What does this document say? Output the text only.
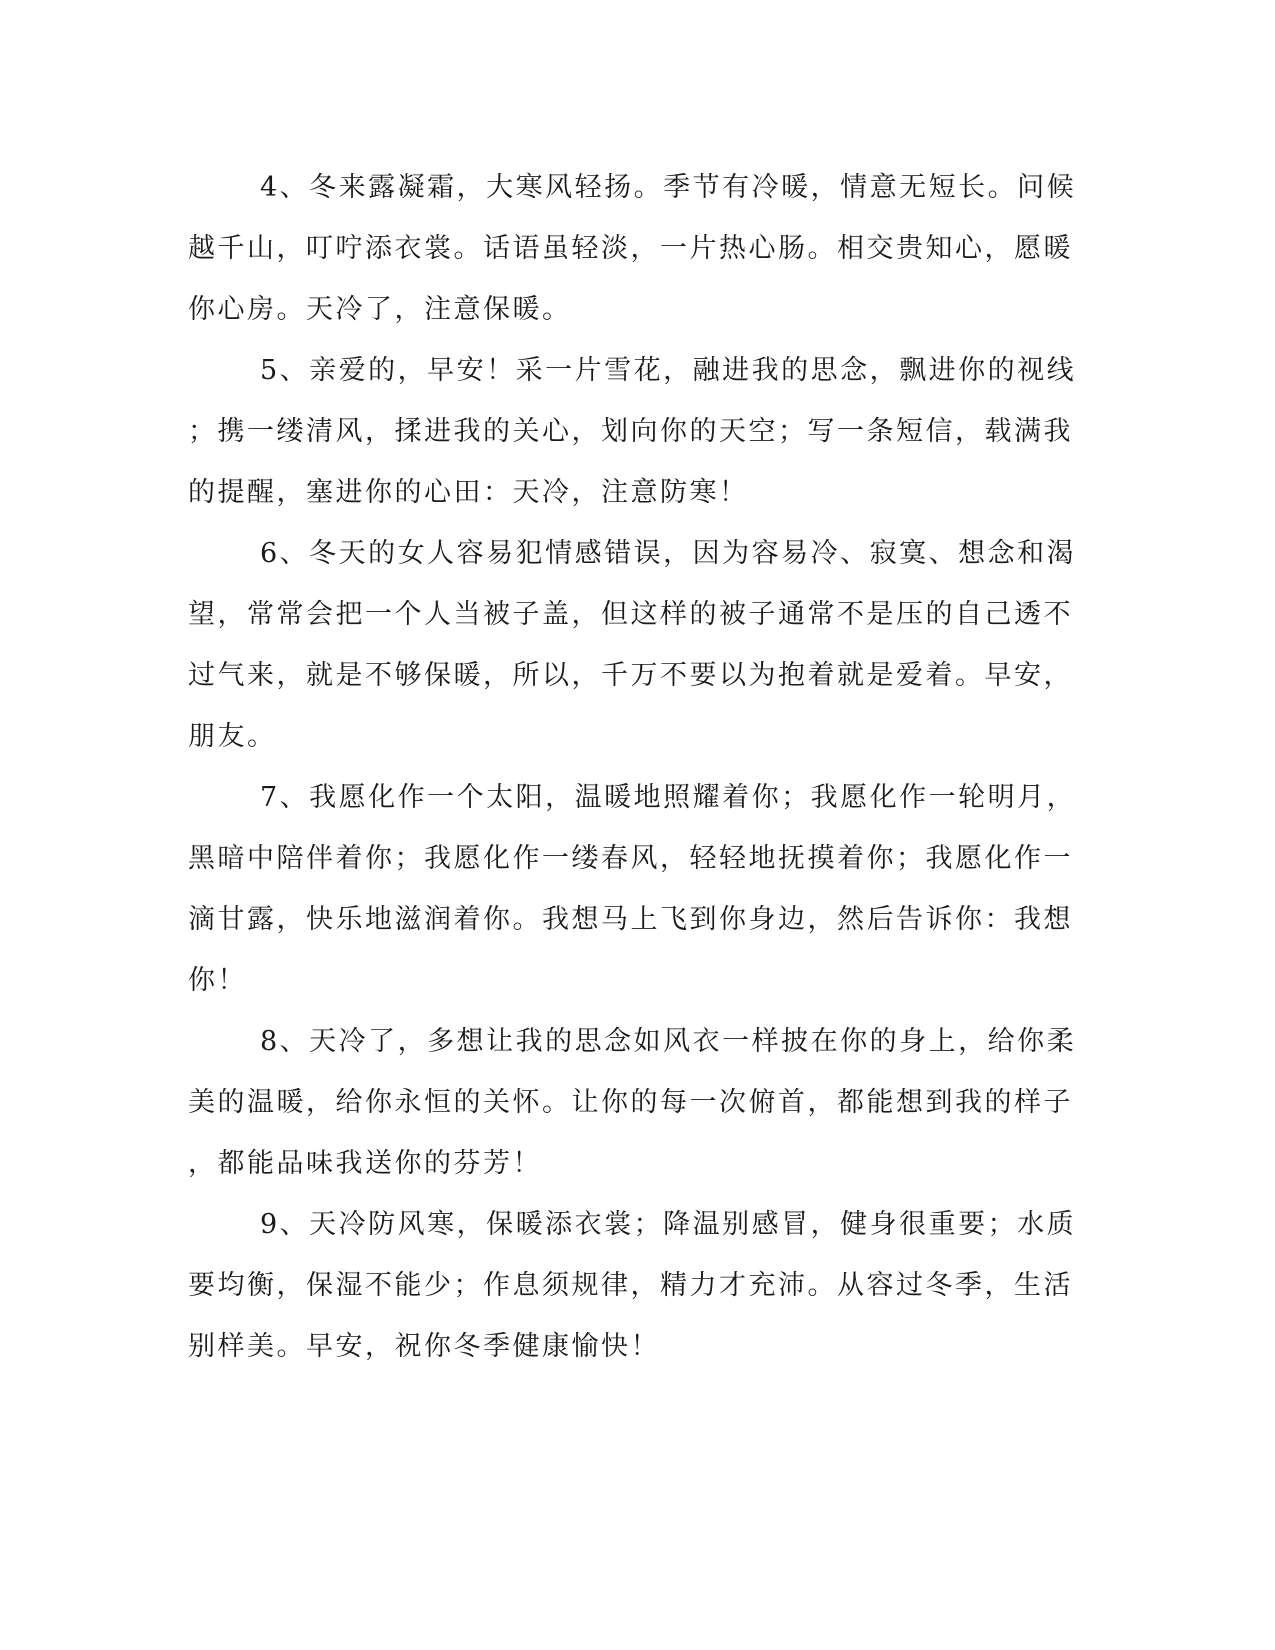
4、冬来露凝霜，大寒风轻扬。季节有冷暖，情意无短长。问候
越千山，叮咛添衣裳。话语虽轻淡，一片热心肠。相交贵知心，愿暖
你心房。天冷了，注意保暖。
5、亲爱的，早安！采一片雪花，融进我的思念，飘进你的视线
；携一缕清风，揉进我的关心，划向你的天空；写一条短信，载满我
的提醒，塞进你的心田：天冷，注意防寒！
6、冬天的女人容易犯情感错误，因为容易冷、寂寞、想念和渴
望，常常会把一个人当被子盖，但这样的被子通常不是压的自己透不
过气来，就是不够保暖，所以，千万不要以为抱着就是爱着。早安，
朋友。
7、我愿化作一个太阳，温暖地照耀着你；我愿化作一轮明月，
黑暗中陪伴着你；我愿化作一缕春风，轻轻地抚摸着你；我愿化作一
滴甘露，快乐地滋润着你。我想马上飞到你身边，然后告诉你：我想
你！
8、天冷了，多想让我的思念如风衣一样披在你的身上，给你柔
美的温暖，给你永恒的关怀。让你的每一次俯首，都能想到我的样子
，都能品味我送你的芬芳！
9、天冷防风寒，保暖添衣裳；降温别感冒，健身很重要；水质
要均衡，保湿不能少；作息须规律，精力才充沛。从容过冬季，生活
别样美。早安，祝你冬季健康愉快！
